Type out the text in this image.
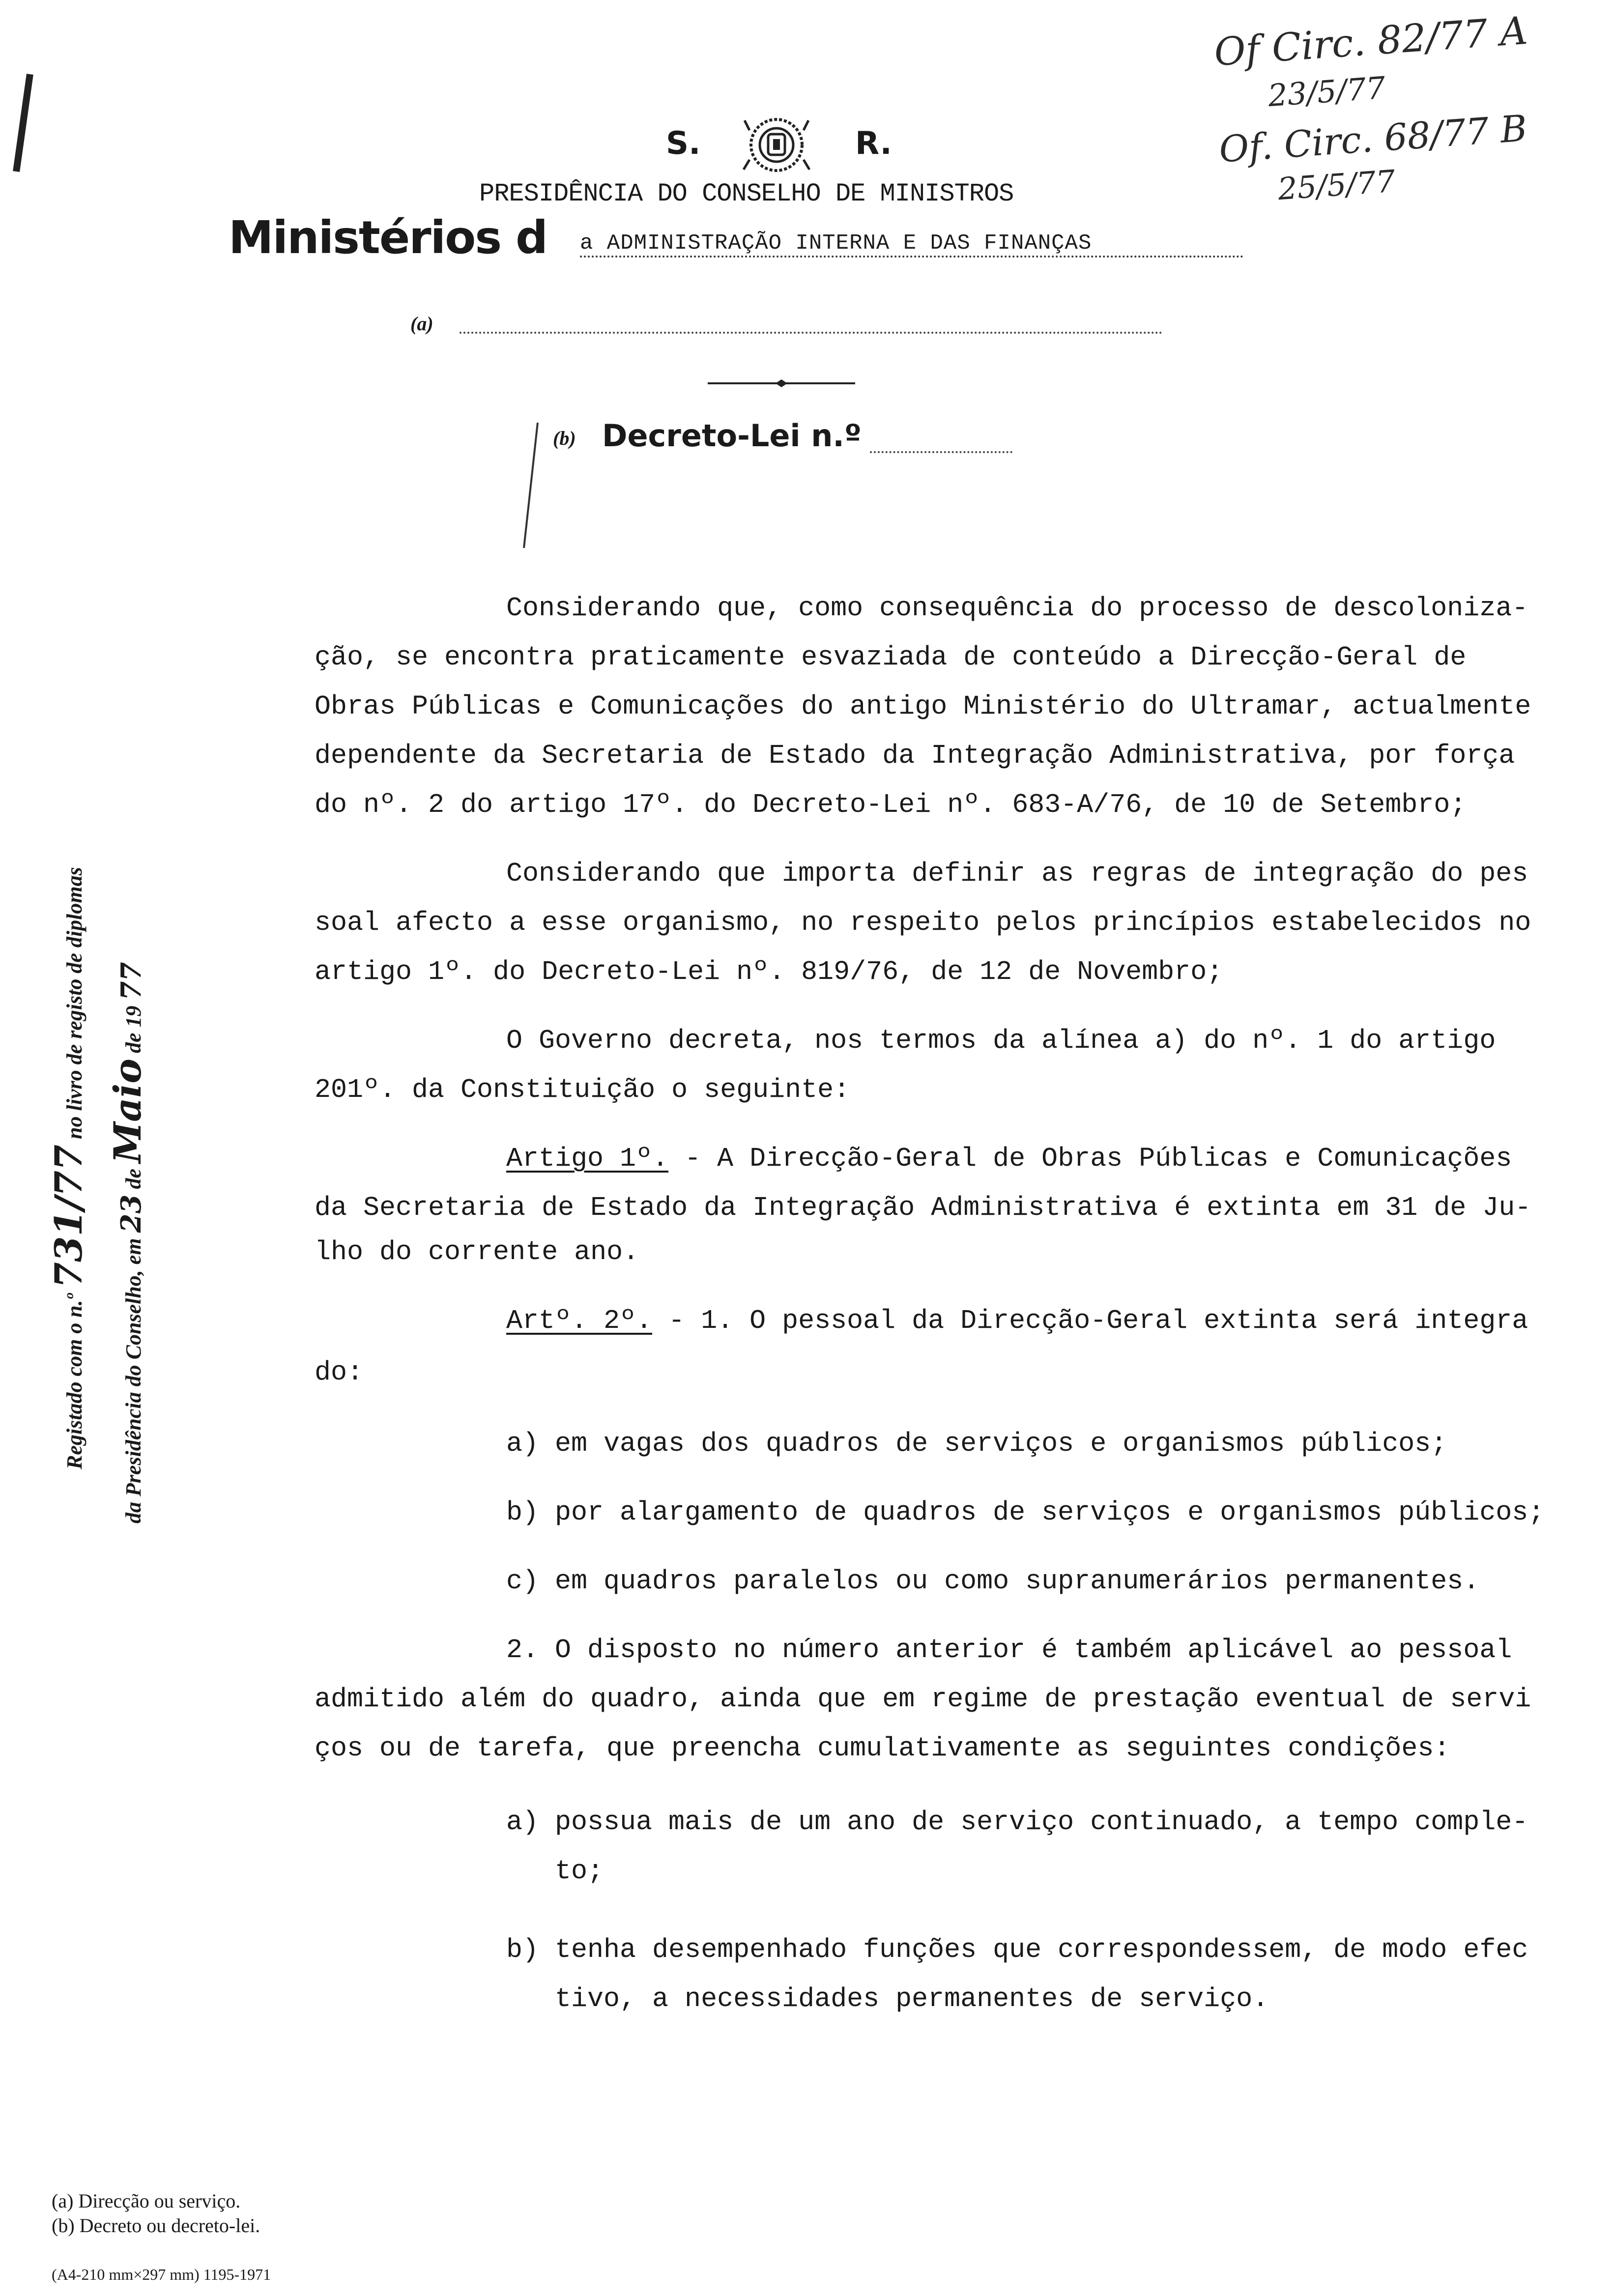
Of Circ. 82/77 A
23/5/77
Of. Circ. 68/77 B
25/5/77
S.	R.
PRESIDÊNCIA DO CONSELHO DE MINISTROS
Ministérios d a ADMINISTRAÇÃO INTERNA E DAS FINANÇAS
(a)
(b) Decreto-Lei n.º
Registado com o n.º 731/77 no livro de registo de diplomas
da Presidência do Conselho, em 23 de Maio de 19 77
Considerando que, como consequência do processo de descoloniza-
ção, se encontra praticamente esvaziada de conteúdo a Direcção-Geral de
Obras Públicas e Comunicações do antigo Ministério do Ultramar, actualmente
dependente da Secretaria de Estado da Integração Administrativa, por força
do nº. 2 do artigo 17º. do Decreto-Lei nº. 683-A/76, de 10 de Setembro;
Considerando que importa definir as regras de integração do pes
soal afecto a esse organismo, no respeito pelos princípios estabelecidos no
artigo 1º. do Decreto-Lei nº. 819/76, de 12 de Novembro;
O Governo decreta, nos termos da alínea a) do nº. 1 do artigo
201º. da Constituição o seguinte:
Artigo 1º. - A Direcção-Geral de Obras Públicas e Comunicações
da Secretaria de Estado da Integração Administrativa é extinta em 31 de Ju-
lho do corrente ano.
Artº. 2º. - 1. O pessoal da Direcção-Geral extinta será integra
do:
a) em vagas dos quadros de serviços e organismos públicos;
b) por alargamento de quadros de serviços e organismos públicos;
c) em quadros paralelos ou como supranumerários permanentes.
2. O disposto no número anterior é também aplicável ao pessoal
admitido além do quadro, ainda que em regime de prestação eventual de servi
ços ou de tarefa, que preencha cumulativamente as seguintes condições:
a) possua mais de um ano de serviço continuado, a tempo comple-
to;
b) tenha desempenhado funções que correspondessem, de modo efec
tivo, a necessidades permanentes de serviço.
(a) Direcção ou serviço.
(b) Decreto ou decreto-lei.
(A4-210 mm×297 mm) 1195-1971
